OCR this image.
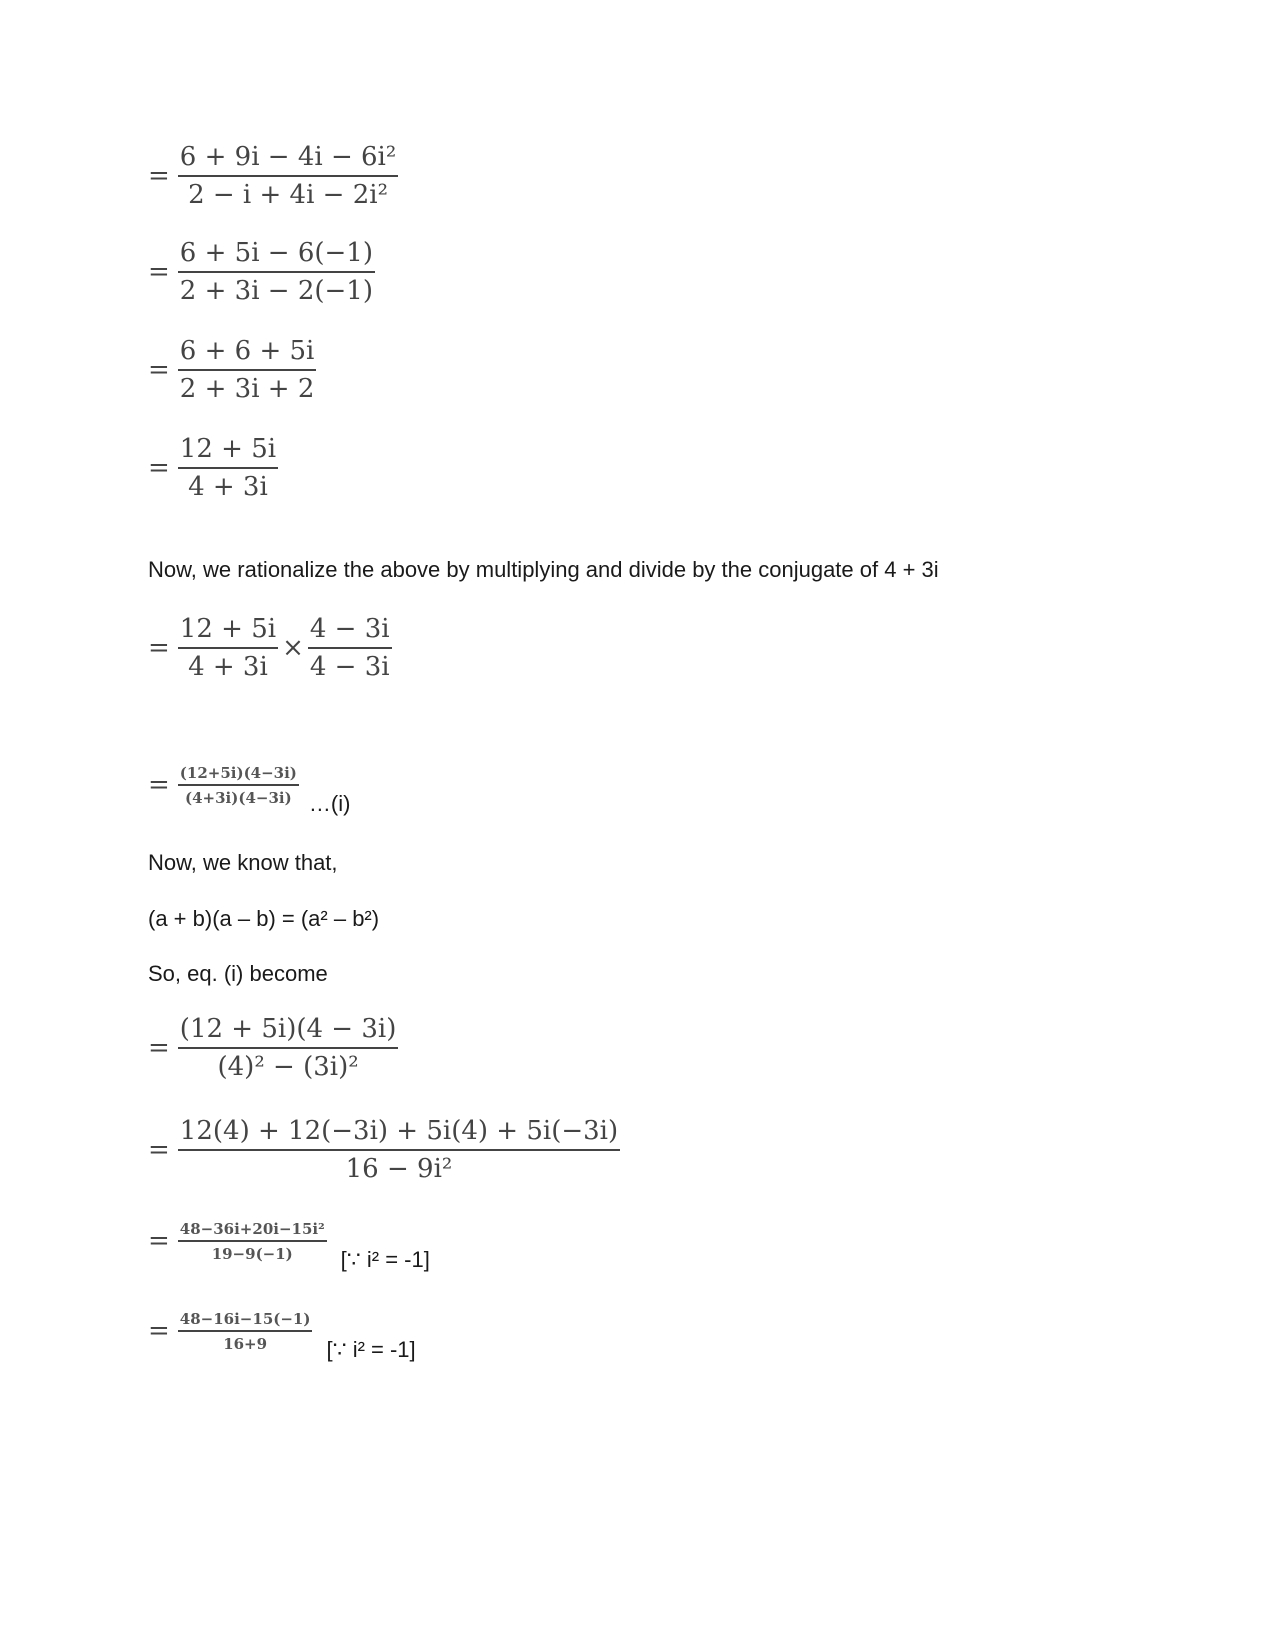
= $\frac{\text{6 + 9i − 4i − 6i²}}{\text{2 − i + 4i − 2i²}}$
= $\frac{6 + 5i - 6(-1)}{2 + 3i - 2(-1)}$
= $\frac{6 + 6 + 5i}{2 + 3i + 2}$
= $\frac{12 + 5i}{4 + 3i}$
Now, we rationalize the above by multiplying and divide by the conjugate of 4 + 3i
= $\frac{12 + 5i}{4 + 3i} \times \frac{4 - 3i}{4 - 3i}$
= $\frac{(12+5i)(4-3i)}{(4+3i)(4-3i)}$ …(i)
Now, we know that,
(a + b)(a – b) = (a² – b²)
So, eq. (i) become
= $\frac{(12 + 5i)(4 - 3i)}{\text{(4)² − (3i)²}}$
= $\frac{12(4) + 12(-3i) + 5i(4) + 5i(-3i)}{\text{16 − 9i²}}$
= $\frac{\text{48−36i+20i−15i²}}{19-9(-1)}$ [∵ i² = -1]
= $\frac{48-16i-15(-1)}{16+9}$ [∵ i² = -1]
